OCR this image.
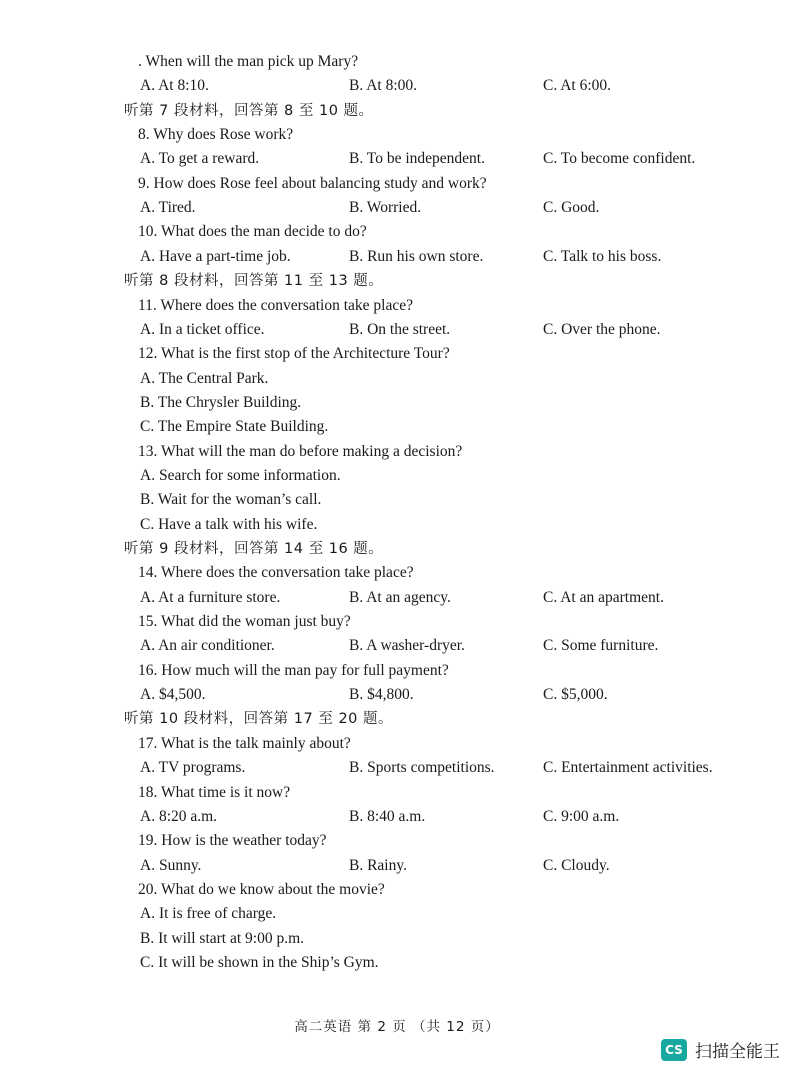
. When will the man pick up Mary?
A. At 8:10.	B. At 8:00.	C. At 6:00.
听第 7 段材料，回答第 8 至 10 题。
8. Why does Rose work?
A. To get a reward.	B. To be independent.	C. To become confident.
9. How does Rose feel about balancing study and work?
A. Tired.	B. Worried.	C. Good.
10. What does the man decide to do?
A. Have a part-time job.	B. Run his own store.	C. Talk to his boss.
听第 8 段材料，回答第 11 至 13 题。
11. Where does the conversation take place?
A. In a ticket office.	B. On the street.	C. Over the phone.
12. What is the first stop of the Architecture Tour?
A. The Central Park.
B. The Chrysler Building.
C. The Empire State Building.
13. What will the man do before making a decision?
A. Search for some information.
B. Wait for the woman’s call.
C. Have a talk with his wife.
听第 9 段材料，回答第 14 至 16 题。
14. Where does the conversation take place?
A. At a furniture store.	B. At an agency.	C. At an apartment.
15. What did the woman just buy?
A. An air conditioner.	B. A washer-dryer.	C. Some furniture.
16. How much will the man pay for full payment?
A. $4,500.	B. $4,800.	C. $5,000.
听第 10 段材料，回答第 17 至 20 题。
17. What is the talk mainly about?
A. TV programs.	B. Sports competitions.	C. Entertainment activities.
18. What time is it now?
A. 8:20 a.m.	B. 8:40 a.m.	C. 9:00 a.m.
19. How is the weather today?
A. Sunny.	B. Rainy.	C. Cloudy.
20. What do we know about the movie?
A. It is free of charge.
B. It will start at 9:00 p.m.
C. It will be shown in the Ship’s Gym.
高二英语 第 2 页 （共 12 页）
CS 扫描全能王
